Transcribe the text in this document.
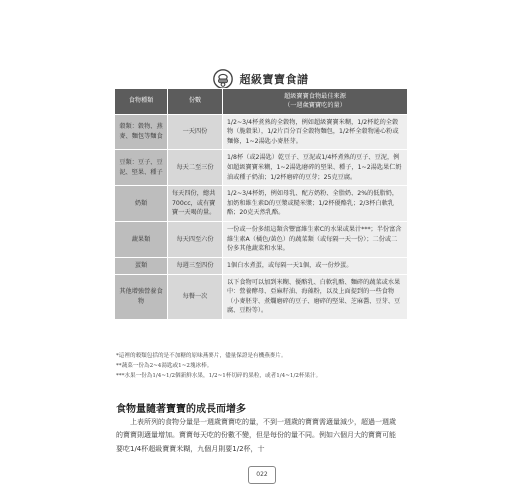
超級寶寶食譜
食物種類	份數	超級寶寶食物最佳來源
（一週歲寶寶吃的量）
穀類：穀物、燕麥、麵包等麵食	一天四份	1/2~3/4杯煮熟的全穀物，例如超級寶寶米糊，1/2杯乾的全穀物（脆穀果），1/2片百分百全穀物麵包，1/2杯全穀物通心粉或麵條，1~2湯匙小麥胚芽。
豆類：豆子、豆泥、堅果、種子	每天二至三份	1/8杯（或2湯匙）乾豆子、豆泥或1/4杯煮熟的豆子、豆泥，例如超級寶寶米糊，1~2湯匙磨碎的堅果、種子，1~2湯匙果仁奶油或種子奶油；1/2杯磨碎的豆芽；25克豆腐。
奶類	每天四份，總共700cc，或有寶寶一天喝的量。	1/2~3/4杯奶，例如母乳、配方奶粉、全脂奶、2%的低脂奶，加奶和維生素D的豆漿或糙米漿；1/2杯優酪乳；2/3杯白軟乳酪；20克天然乳酪。
蔬果類	每天四至六份	一份或一份多組這類含豐富維生素C的水果或果汁***；半份富含維生素A（橘色/黃色）的蔬菜類（或每隔一天一份）；二份或二份多其他蔬菜和水果。
蛋類	每週三至四份	1個白水煮蛋，或每隔一天1個，或一份炒蛋。
其他增強營養食物	每餐一次	以下食物可以加到米糊、優酪乳、白軟乳酪、麵碎的蔬菜或水果中：營養酵母、亞麻籽油、海藻粉，以及上面提到的一些食物（小麥胚芽、煮爛磨碎的豆子、磨碎的堅果、芝麻醬、豆芽、豆腐、豆粉等）。
*這裡的穀類包括的是不加糖的原味燕麥片，儘量保證是有機燕麥片。
**蔬菜一份為2~4湯匙或1~2塊冰棒。
***水果一份為1/4~1/2個新鮮水果，1/2~1杯切碎的果粒，或者1/4~1/2杯果汁。
食物量隨著寶寶的成長而增多

上表所列的食物分量是一週歲寶寶吃的量，不到一週歲的寶寶需適量減少，超過一週歲的寶寶則適量增加。寶寶每天吃的份數不變，但是每份的量不同。例如六個月大的寶寶可能要吃1/4杯超級寶寶米糊，九個月則要1/2杯，十

022
